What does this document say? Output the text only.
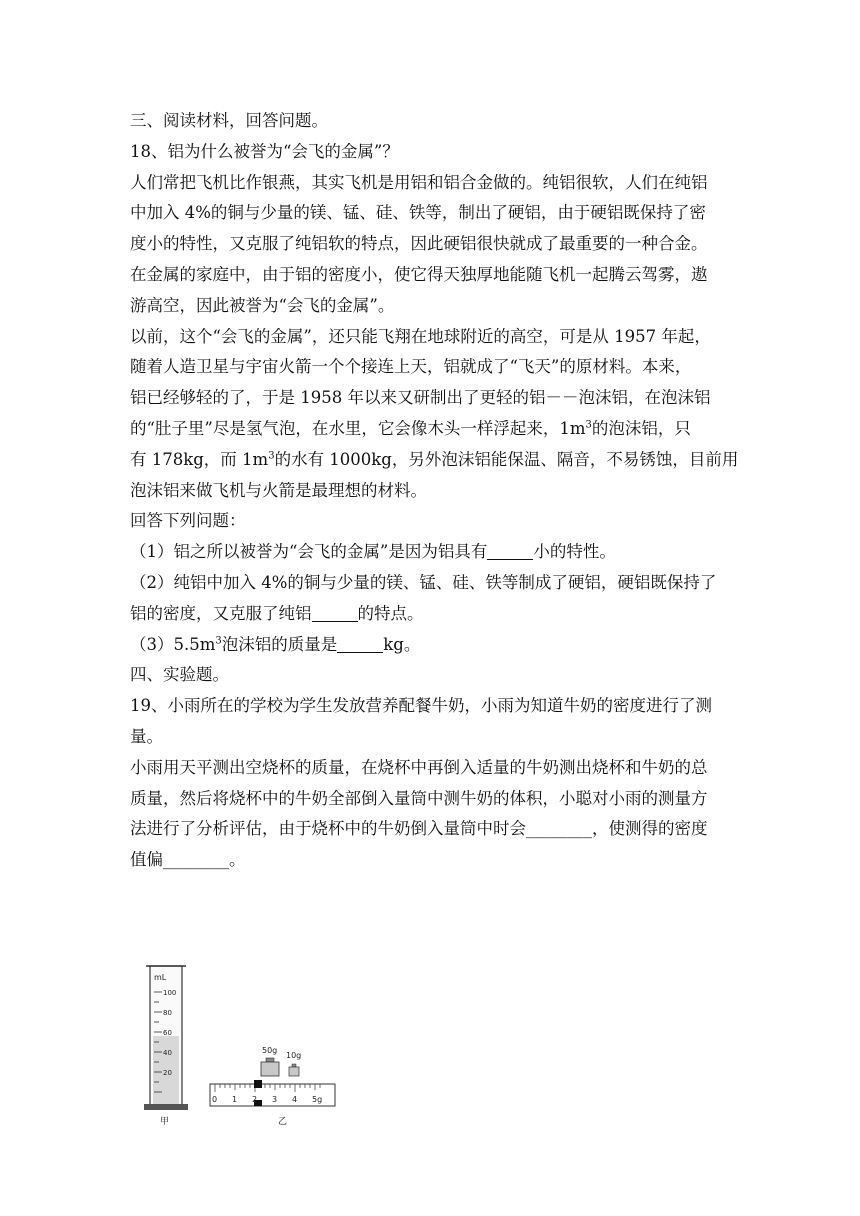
三、阅读材料，回答问题。

18、铝为什么被誉为“会飞的金属”？

人们常把飞机比作银燕，其实飞机是用铝和铝合金做的。纯铝很软，人们在纯铝

中加入 4%的铜与少量的镁、锰、硅、铁等，制出了硬铝，由于硬铝既保持了密

度小的特性，又克服了纯铝软的特点，因此硬铝很快就成了最重要的一种合金。

在金属的家庭中，由于铝的密度小，使它得天独厚地能随飞机一起腾云驾雾，遨

游高空，因此被誉为“会飞的金属”。

以前，这个“会飞的金属”，还只能飞翔在地球附近的高空，可是从 1957 年起，

随着人造卫星与宇宙火箭一个个接连上天，铝就成了“飞天”的原材料。本来，

铝已经够轻的了，于是 1958 年以来又研制出了更轻的铝－－泡沫铝，在泡沫铝

的“肚子里”尽是氢气泡，在水里，它会像木头一样浮起来，$1m^3$的泡沫铝，只

有 178kg，而 $1m^3$的水有 1000kg，另外泡沫铝能保温、隔音，不易锈蚀，目前用

泡沫铝来做飞机与火箭是最理想的材料。

回答下列问题：

（1）铝之所以被誉为“会飞的金属”是因为铝具有	小的特性。

（2）纯铝中加入 4%的铜与少量的镁、锰、硅、铁等制成了硬铝，硬铝既保持了

铝的密度，又克服了纯铝	的特点。

$(3)5.5m^3$泡沫铝的质量是	kg。

四、实验题。

19、小雨所在的学校为学生发放营养配餐牛奶，小雨为知道牛奶的密度进行了测

量。

小雨用天平测出空烧杯的质量，在烧杯中再倒入适量的牛奶测出烧杯和牛奶的总

质量，然后将烧杯中的牛奶全部倒入量筒中测牛奶的体积，小聪对小雨的测量方

法进行了分析评估，由于烧杯中的牛奶倒入量筒中时会________，使测得的密度

值偏________。

mL
100
80
60
40
20
甲
50g
10g
0 1 2 3 4 5g
乙
